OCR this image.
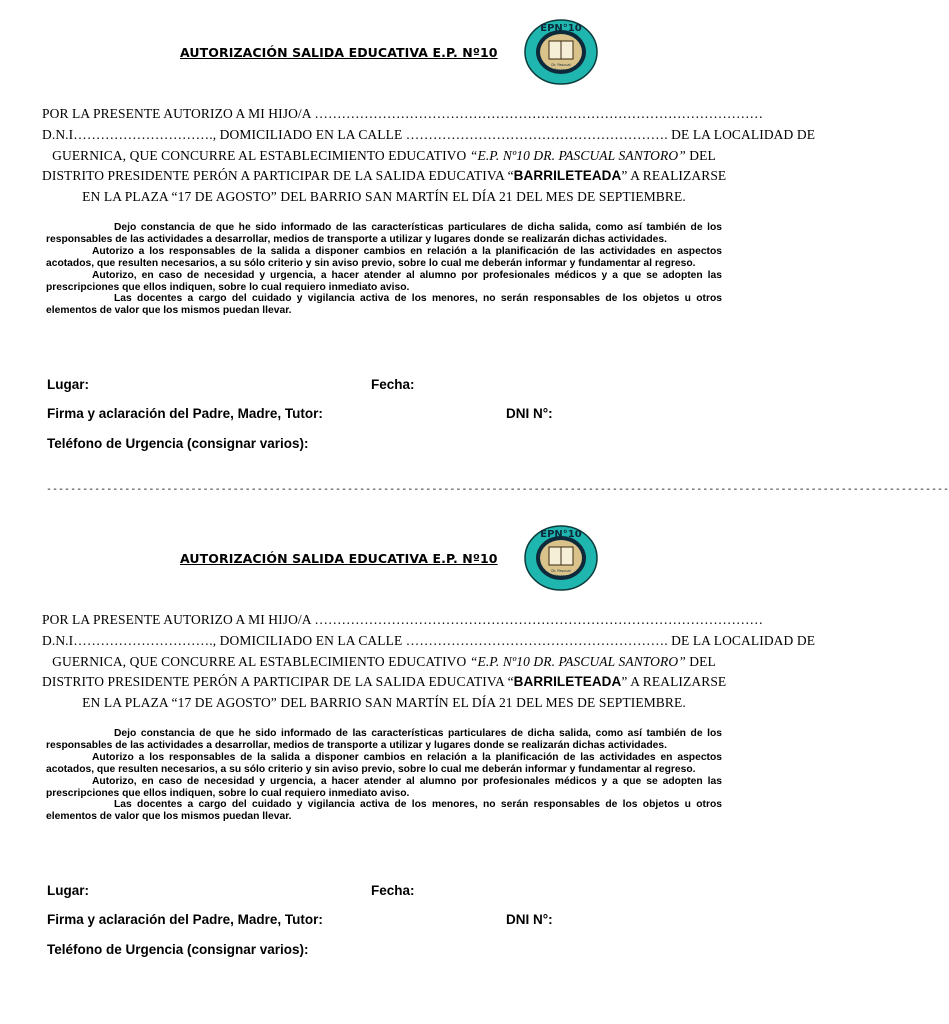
AUTORIZACIÓN SALIDA EDUCATIVA E.P. Nº10
EPN°10
Dr. Pascual
Santoro
POR LA PRESENTE AUTORIZO A MI HIJO/A ………………………………………………………………………………………
D.N.I…………………………., DOMICILIADO EN LA CALLE …………………………………………………. DE LA LOCALIDAD DE
GUERNICA, QUE CONCURRE AL ESTABLECIMIENTO EDUCATIVO “E.P. Nº10 DR. PASCUAL SANTORO” DEL
DISTRITO PRESIDENTE PERÓN A PARTICIPAR DE LA SALIDA EDUCATIVA “BARRILETEADA” A REALIZARSE
EN LA PLAZA “17 DE AGOSTO” DEL BARRIO SAN MARTÍN EL DÍA 21 DEL MES DE SEPTIEMBRE.

Dejo constancia de que he sido informado de las características particulares de dicha salida, como así también de los responsables de las actividades a desarrollar, medios de transporte a utilizar y lugares donde se realizarán dichas actividades.

Autorizo a los responsables de la salida a disponer cambios en relación a la planificación de las actividades en aspectos acotados, que resulten necesarios, a su sólo criterio y sin aviso previo, sobre lo cual me deberán informar y fundamentar al regreso.

Autorizo, en caso de necesidad y urgencia, a hacer atender al alumno por profesionales médicos y a que se adopten las prescripciones que ellos indiquen, sobre lo cual requiero inmediato aviso.

Las docentes a cargo del cuidado y vigilancia activa de los menores, no serán responsables de los objetos u otros elementos de valor que los mismos puedan llevar.

Lugar:	Fecha:
Firma y aclaración del Padre, Madre, Tutor:	DNI N°:
Teléfono de Urgencia (consignar varios):
------------------------------------------------------------------------------------------------------------------------------------------------------
AUTORIZACIÓN SALIDA EDUCATIVA E.P. Nº10
EPN°10
Dr. Pascual
Santoro
POR LA PRESENTE AUTORIZO A MI HIJO/A ………………………………………………………………………………………
D.N.I…………………………., DOMICILIADO EN LA CALLE …………………………………………………. DE LA LOCALIDAD DE
GUERNICA, QUE CONCURRE AL ESTABLECIMIENTO EDUCATIVO “E.P. Nº10 DR. PASCUAL SANTORO” DEL
DISTRITO PRESIDENTE PERÓN A PARTICIPAR DE LA SALIDA EDUCATIVA “BARRILETEADA” A REALIZARSE
EN LA PLAZA “17 DE AGOSTO” DEL BARRIO SAN MARTÍN EL DÍA 21 DEL MES DE SEPTIEMBRE.

Dejo constancia de que he sido informado de las características particulares de dicha salida, como así también de los responsables de las actividades a desarrollar, medios de transporte a utilizar y lugares donde se realizarán dichas actividades.

Autorizo a los responsables de la salida a disponer cambios en relación a la planificación de las actividades en aspectos acotados, que resulten necesarios, a su sólo criterio y sin aviso previo, sobre lo cual me deberán informar y fundamentar al regreso.

Autorizo, en caso de necesidad y urgencia, a hacer atender al alumno por profesionales médicos y a que se adopten las prescripciones que ellos indiquen, sobre lo cual requiero inmediato aviso.

Las docentes a cargo del cuidado y vigilancia activa de los menores, no serán responsables de los objetos u otros elementos de valor que los mismos puedan llevar.

Lugar:	Fecha:
Firma y aclaración del Padre, Madre, Tutor:	DNI N°:
Teléfono de Urgencia (consignar varios):
